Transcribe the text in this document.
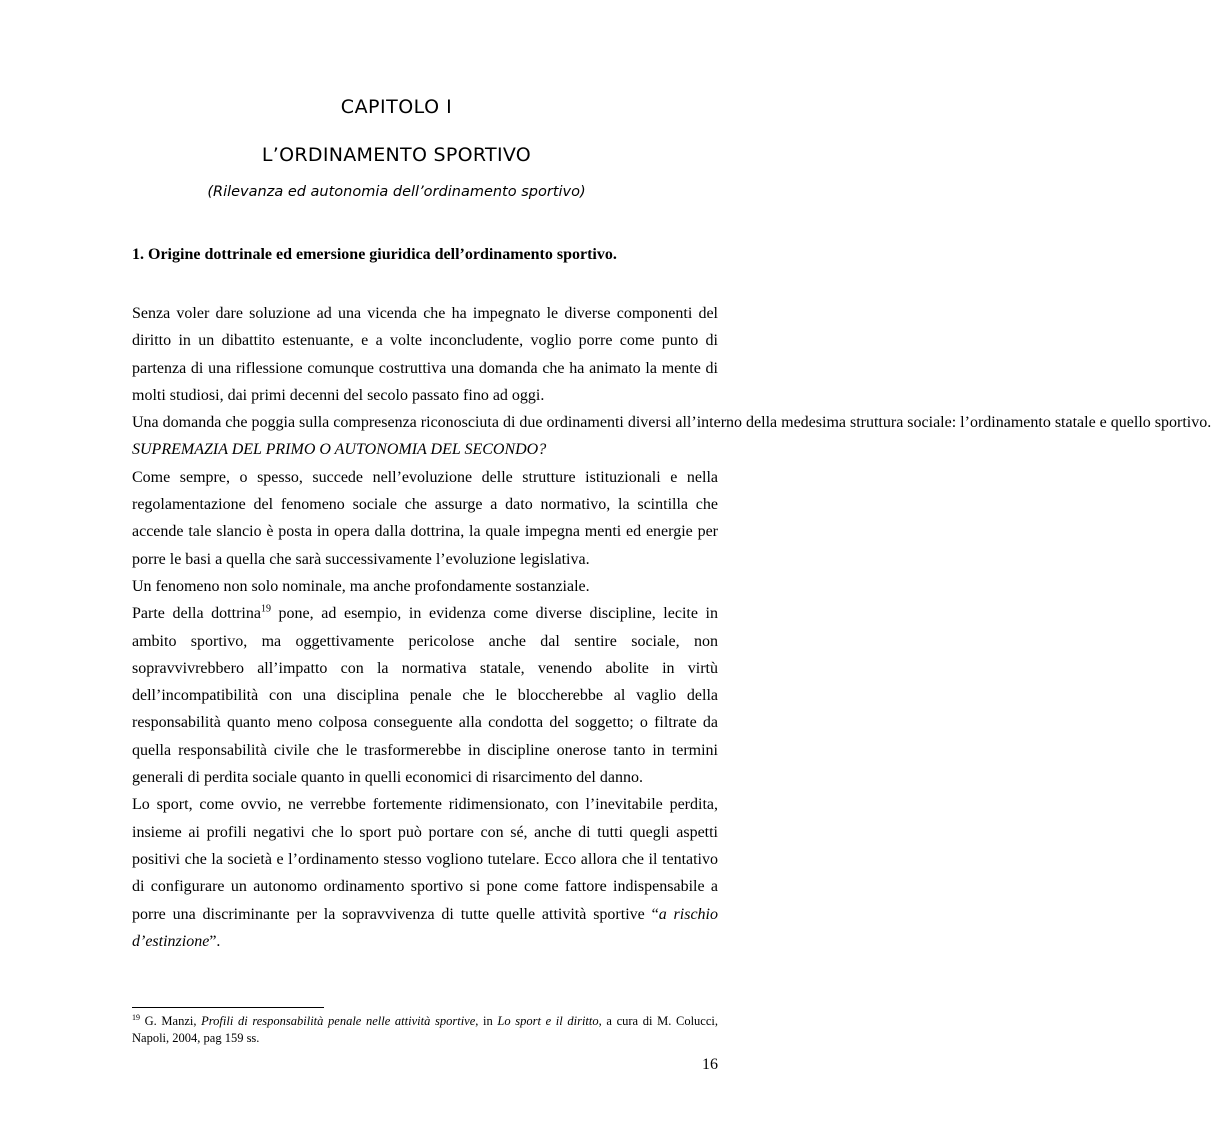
CAPITOLO I
L’ORDINAMENTO SPORTIVO
(Rilevanza ed autonomia dell’ordinamento sportivo)
1. Origine dottrinale ed emersione giuridica dell’ordinamento sportivo.

Senza voler dare soluzione ad una vicenda che ha impegnato le diverse componenti del diritto in un dibattito estenuante, e a volte inconcludente, voglio porre come punto di partenza di una riflessione comunque costruttiva una domanda che ha animato la mente di molti studiosi, dai primi decenni del secolo passato fino ad oggi.

Una domanda che poggia sulla compresenza riconosciuta di due ordinamenti diversi all’interno della medesima struttura sociale: l’ordinamento statale e quello sportivo.

SUPREMAZIA DEL PRIMO O AUTONOMIA DEL SECONDO?

Come sempre, o spesso, succede nell’evoluzione delle strutture istituzionali e nella regolamentazione del fenomeno sociale che assurge a dato normativo, la scintilla che accende tale slancio è posta in opera dalla dottrina, la quale impegna menti ed energie per porre le basi a quella che sarà successivamente l’evoluzione legislativa.

Un fenomeno non solo nominale, ma anche profondamente sostanziale.

Parte della dottrina$^{19}$ pone, ad esempio, in evidenza come diverse discipline, lecite in ambito sportivo, ma oggettivamente pericolose anche dal sentire sociale, non sopravvivrebbero all’impatto con la normativa statale, venendo abolite in virtù dell’incompatibilità con una disciplina penale che le bloccherebbe al vaglio della responsabilità quanto meno colposa conseguente alla condotta del soggetto; o filtrate da quella responsabilità civile che le trasformerebbe in discipline onerose tanto in termini generali di perdita sociale quanto in quelli economici di risarcimento del danno.

Lo sport, come ovvio, ne verrebbe fortemente ridimensionato, con l’inevitabile perdita, insieme ai profili negativi che lo sport può portare con sé, anche di tutti quegli aspetti positivi che la società e l’ordinamento stesso vogliono tutelare. Ecco allora che il tentativo di configurare un autonomo ordinamento sportivo si pone come fattore indispensabile a porre una discriminante per la sopravvivenza di tutte quelle attività sportive “a rischio d’estinzione”.

$^{19}$ G. Manzi, Profili di responsabilità penale nelle attività sportive, in Lo sport e il diritto, a cura di M. Colucci, Napoli, 2004, pag 159 ss.

16
